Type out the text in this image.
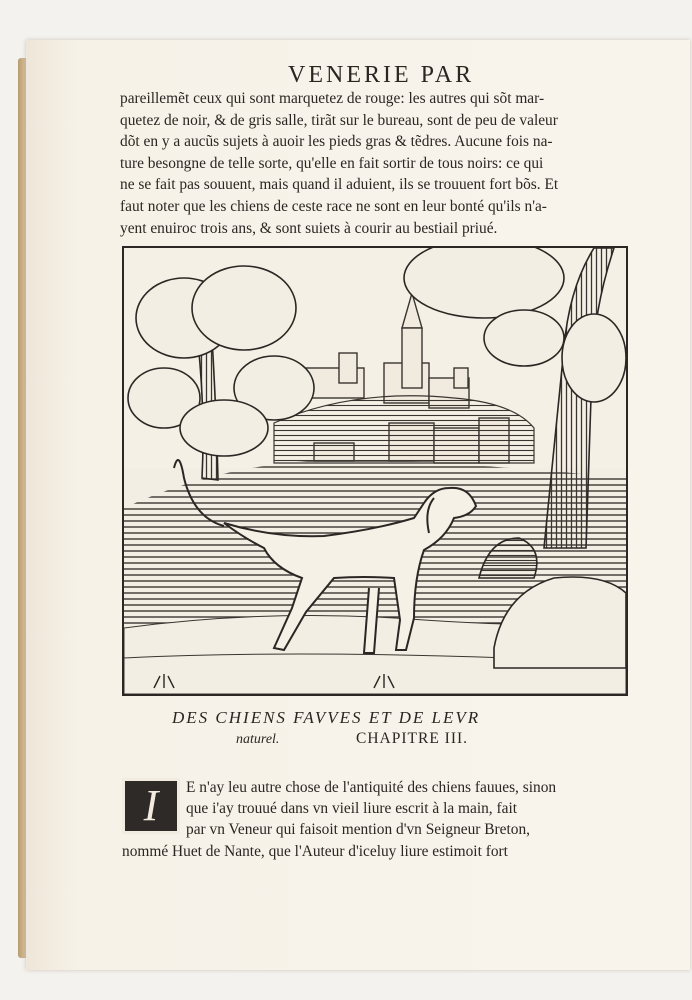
VENERIE PAR
pareillemẽt ceux qui sont marquetez de rouge: les autres qui sõt mar-
quetez de noir, & de gris salle, tirãt sur le bureau, sont de peu de valeur
dõt en y a aucũs sujets à auoir les pieds gras & tẽdres. Aucune fois na-
ture besongne de telle sorte, qu'elle en fait sortir de tous noirs: ce qui
ne se fait pas souuent, mais quand il aduient, ils se trouuent fort bõs. Et
faut noter que les chiens de ceste race ne sont en leur bonté qu'ils n'a-
yent enuiroc trois ans, & sont suiets à courir au bestiail priué.
DES CHIENS FAVVES ET DE LEVR
naturel.	CHAPITRE III.
I E n'ay leu autre chose de l'antiquité des chiens fauues, sinon
que i'ay trouué dans vn vieil liure escrit à la main, fait
par vn Veneur qui faisoit mention d'vn Seigneur Breton,
nommé Huet de Nante, que l'Auteur d'iceluy liure estimoit fort
